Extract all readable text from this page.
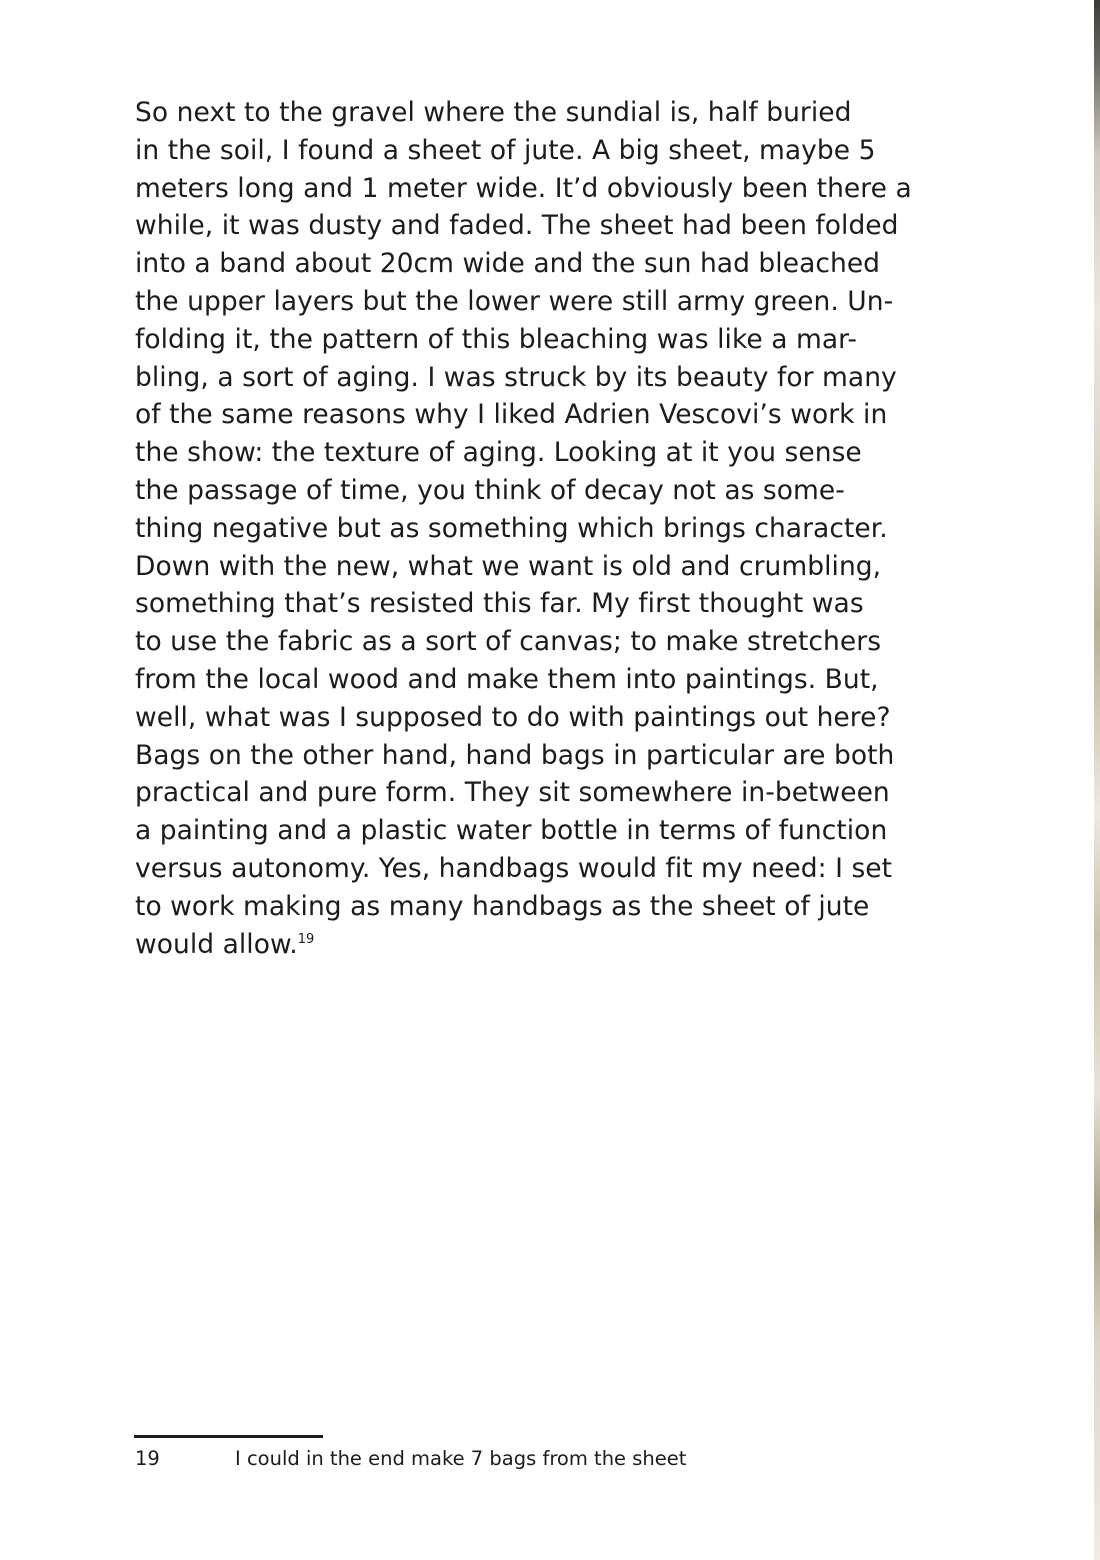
So next to the gravel where the sundial is, half buried
in the soil, I found a sheet of jute. A big sheet, maybe 5
meters long and 1 meter wide. It’d obviously been there a
while, it was dusty and faded. The sheet had been folded
into a band about 20cm wide and the sun had bleached
the upper layers but the lower were still army green. Un-
folding it, the pattern of this bleaching was like a mar-
bling, a sort of aging. I was struck by its beauty for many
of the same reasons why I liked Adrien Vescovi’s work in
the show: the texture of aging. Looking at it you sense
the passage of time, you think of decay not as some-
thing negative but as something which brings character.
Down with the new, what we want is old and crumbling,
something that’s resisted this far. My first thought was
to use the fabric as a sort of canvas; to make stretchers
from the local wood and make them into paintings. But,
well, what was I supposed to do with paintings out here?
Bags on the other hand, hand bags in particular are both
practical and pure form. They sit somewhere in-between
a painting and a plastic water bottle in terms of function
versus autonomy. Yes, handbags would fit my need: I set
to work making as many handbags as the sheet of jute
would allow.$^{19}$

19	I could in the end make 7 bags from the sheet
